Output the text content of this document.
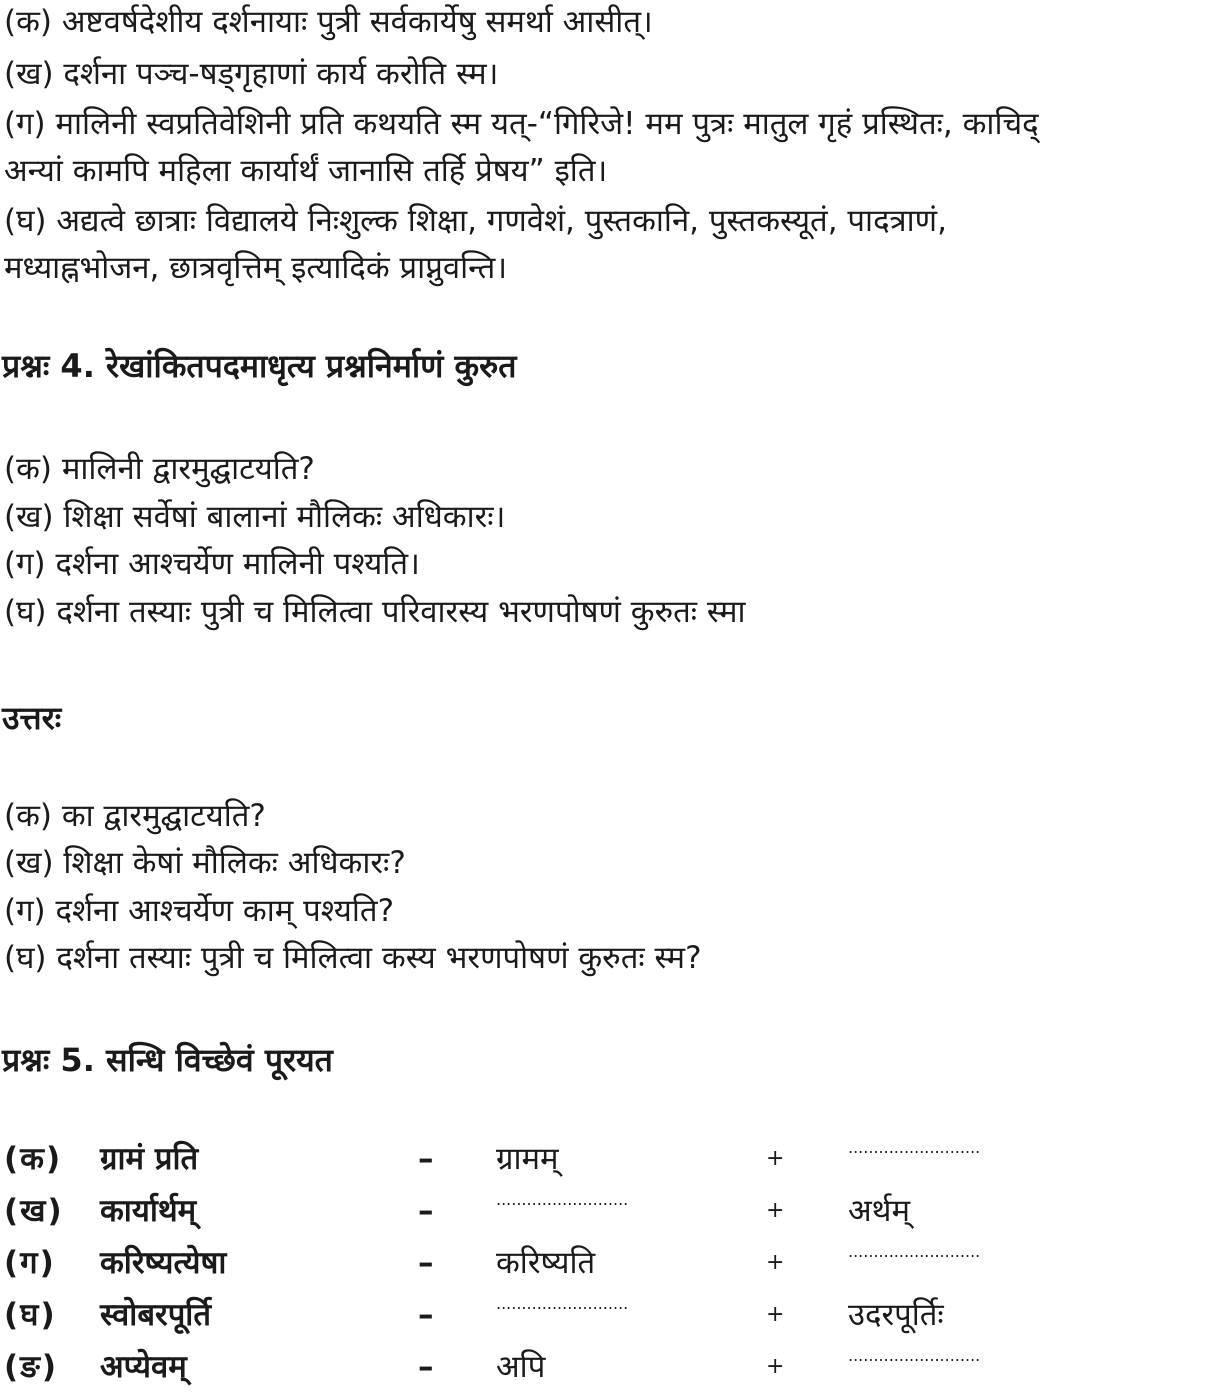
(क) अष्टवर्षदेशीय दर्शनायाः पुत्री सर्वकार्येषु समर्था आसीत्।
(ख) दर्शना पञ्च-षड्गृहाणां कार्य करोति स्म।
(ग) मालिनी स्वप्रतिवेशिनी प्रति कथयति स्म यत्-“गिरिजे! मम पुत्रः मातुल गृहं प्रस्थितः, काचिद्
अन्यां कामपि महिला कार्यार्थं जानासि तर्हि प्रेषय” इति।
(घ) अद्यत्वे छात्राः विद्यालये निःशुल्क शिक्षा, गणवेशं, पुस्तकानि, पुस्तकस्यूतं, पादत्राणं,
मध्याह्नभोजन, छात्रवृत्तिम् इत्यादिकं प्राप्नुवन्ति।
प्रश्नः 4. रेखांकितपदमाधृत्य प्रश्ननिर्माणं कुरुत
(क) मालिनी द्वारमुद्घाटयति?
(ख) शिक्षा सर्वेषां बालानां मौलिकः अधिकारः।
(ग) दर्शना आश्चर्येण मालिनी पश्यति।
(घ) दर्शना तस्याः पुत्री च मिलित्वा परिवारस्य भरणपोषणं कुरुतः स्मा
उत्तरः
(क) का द्वारमुद्घाटयति?
(ख) शिक्षा केषां मौलिकः अधिकारः?
(ग) दर्शना आश्चर्येण काम् पश्यति?
(घ) दर्शना तस्याः पुत्री च मिलित्वा कस्य भरणपोषणं कुरुतः स्म?
प्रश्नः 5. सन्धि विच्छेवं पूरयत
(क) ग्रामं प्रति	– ग्रामम्	+	..........................
(ख) कार्यार्थम्	–	..........................	+ अर्थम्
(ग) करिष्यत्येषा	– करिष्यति	+	..........................
(घ) स्वोबरपूर्ति	–	..........................	+ उदरपूर्तिः
(ङ) अप्येवम्	– अपि	+	..........................
